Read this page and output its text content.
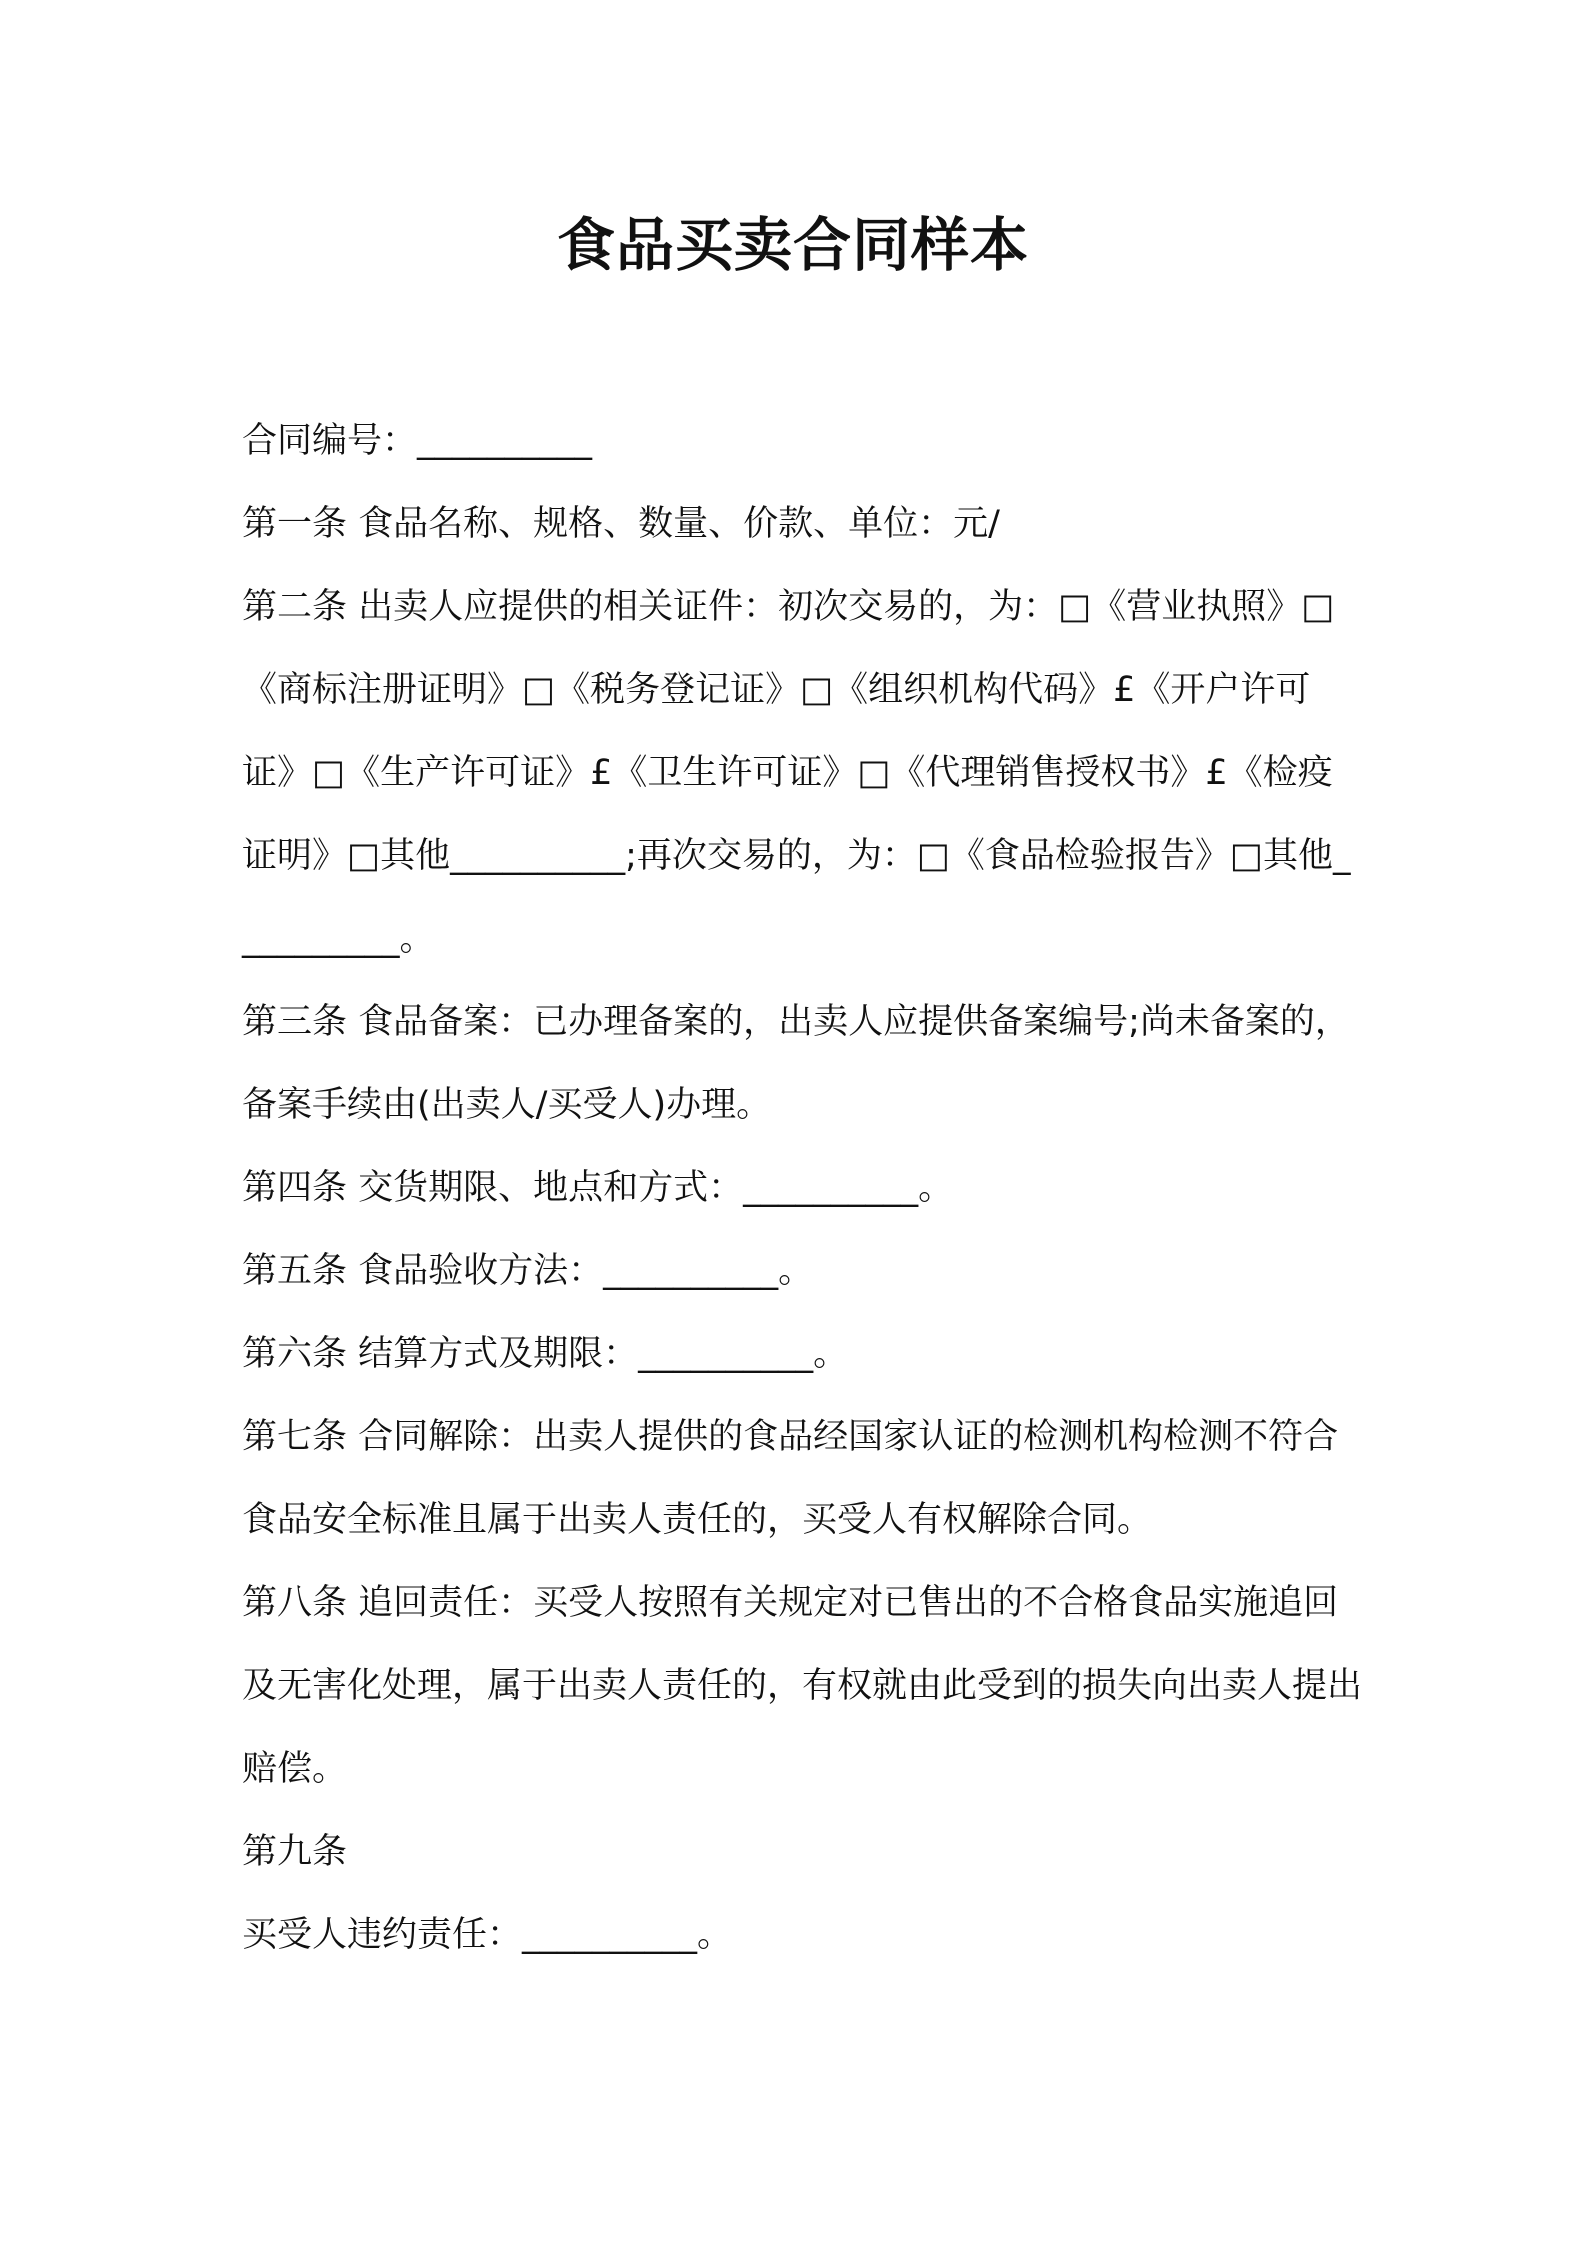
食品买卖合同样本

合同编号：__________

第一条 食品名称、规格、数量、价款、单位：元/

第二条 出卖人应提供的相关证件：初次交易的，为：□《营业执照》□《商标注册证明》□《税务登记证》□《组织机构代码》£《开户许可证》□《生产许可证》£《卫生许可证》□《代理销售授权书》£《检疫证明》□其他__________;再次交易的，为：□《食品检验报告》□其他__________。

第三条 食品备案：已办理备案的，出卖人应提供备案编号;尚未备案的，备案手续由(出卖人/买受人)办理。

第四条 交货期限、地点和方式：__________。

第五条 食品验收方法：__________。

第六条 结算方式及期限：__________。

第七条 合同解除：出卖人提供的食品经国家认证的检测机构检测不符合食品安全标准且属于出卖人责任的，买受人有权解除合同。

第八条 追回责任：买受人按照有关规定对已售出的不合格食品实施追回及无害化处理，属于出卖人责任的，有权就由此受到的损失向出卖人提出赔偿。

第九条

买受人违约责任：__________。
